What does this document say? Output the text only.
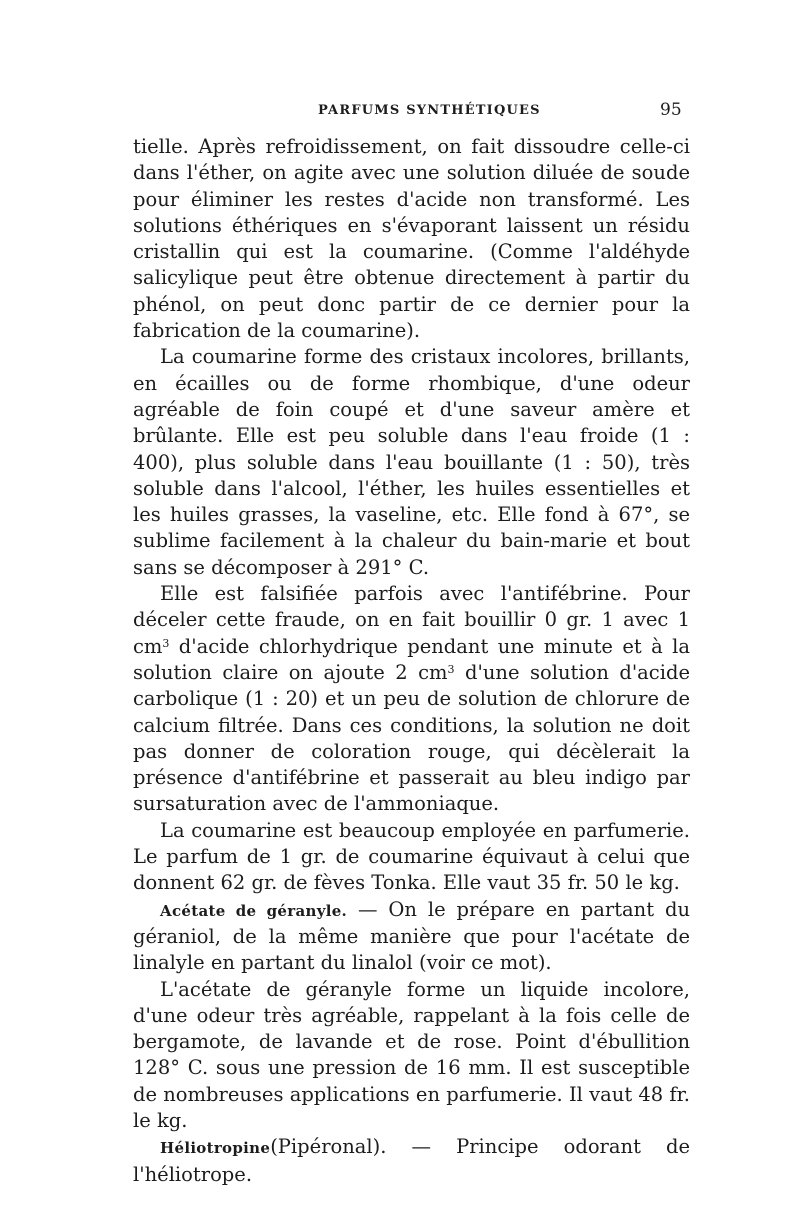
PARFUMS SYNTHÉTIQUES	95

tielle. Après refroidissement, on fait dissoudre celle-ci dans l'éther, on agite avec une solution diluée de soude pour éliminer les restes d'acide non transformé. Les solutions éthériques en s'évaporant laissent un résidu cristallin qui est la coumarine. (Comme l'aldéhyde salicylique peut être obtenue directement à partir du phénol, on peut donc partir de ce dernier pour la fabrication de la coumarine).

La coumarine forme des cristaux incolores, brillants, en écailles ou de forme rhombique, d'une odeur agréable de foin coupé et d'une saveur amère et brûlante. Elle est peu soluble dans l'eau froide (1 : 400), plus soluble dans l'eau bouillante (1 : 50), très soluble dans l'alcool, l'éther, les huiles essentielles et les huiles grasses, la vaseline, etc. Elle fond à 67°, se sublime facilement à la chaleur du bain-marie et bout sans se décomposer à 291° C.

Elle est falsifiée parfois avec l'antifébrine. Pour déceler cette fraude, on en fait bouillir 0 gr. 1 avec 1 $cm^3$ d'acide chlorhydrique pendant une minute et à la solution claire on ajoute 2 $cm^3$ d'une solution d'acide carbolique (1 : 20) et un peu de solution de chlorure de calcium filtrée. Dans ces conditions, la solution ne doit pas donner de coloration rouge, qui décèlerait la présence d'antifébrine et passerait au bleu indigo par sursaturation avec de l'ammoniaque.

La coumarine est beaucoup employée en parfumerie. Le parfum de 1 gr. de coumarine équivaut à celui que donnent 62 gr. de fèves Tonka. Elle vaut 35 fr. 50 le kg.

Acétate de géranyle. — On le prépare en partant du géraniol, de la même manière que pour l'acétate de linalyle en partant du linalol (voir ce mot).

L'acétate de géranyle forme un liquide incolore, d'une odeur très agréable, rappelant à la fois celle de bergamote, de lavande et de rose. Point d'ébullition 128° C. sous une pression de 16 mm. Il est susceptible de nombreuses applications en parfumerie. Il vaut 48 fr. le kg.

Héliotropine(Pipéronal). — Principe odorant de l'héliotrope.
